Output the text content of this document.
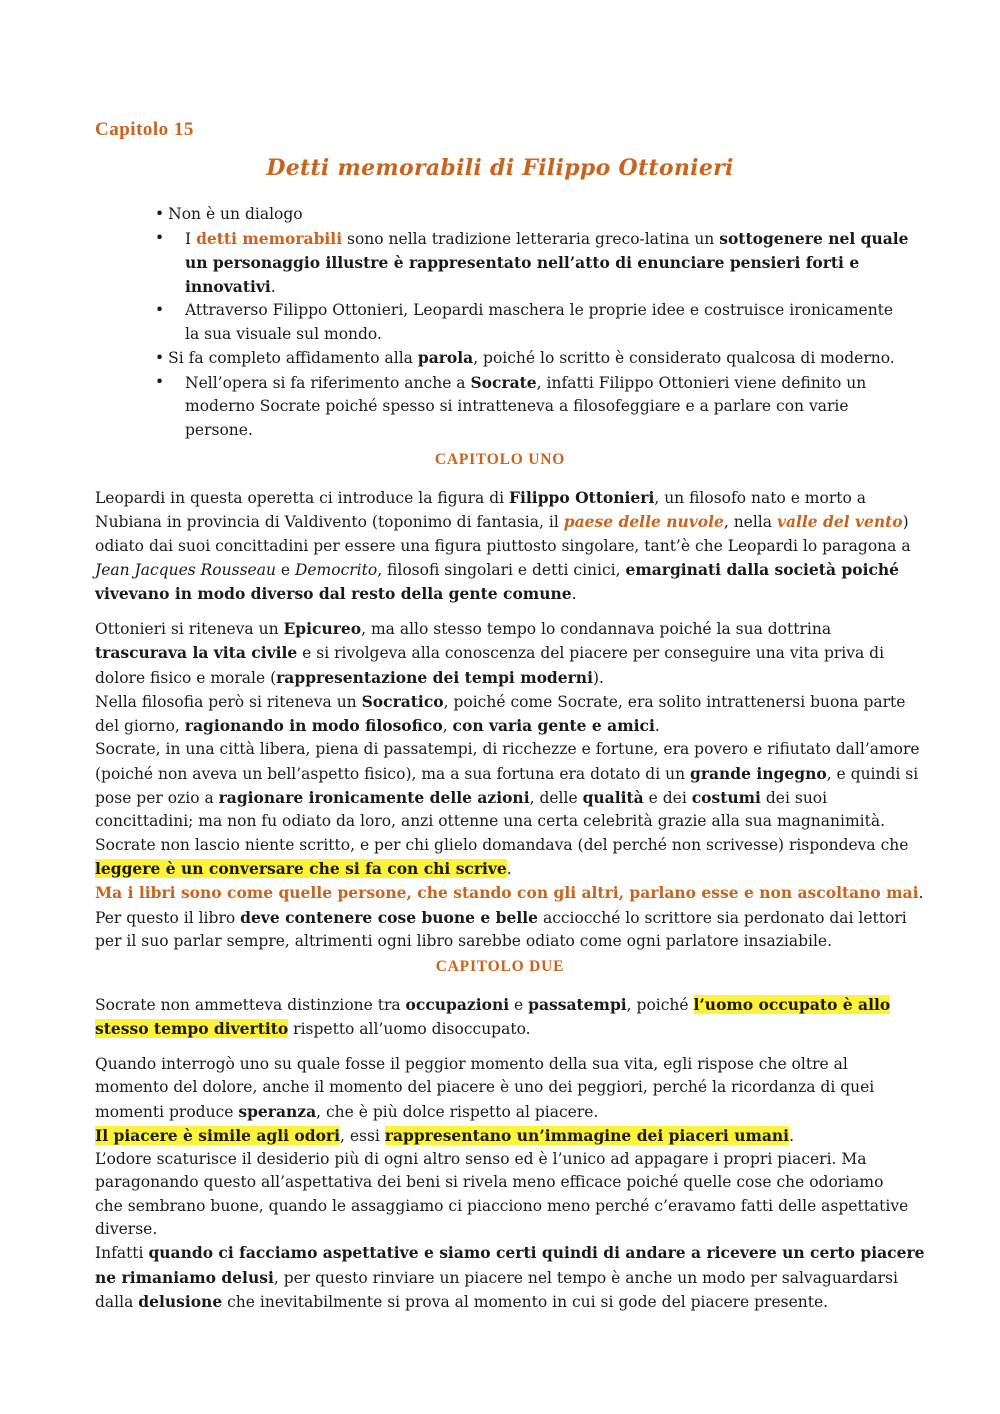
Capitolo 15
Detti memorabili di Filippo Ottonieri
• Non è un dialogo
• I detti memorabili sono nella tradizione letteraria greco-latina un sottogenere nel quale
un personaggio illustre è rappresentato nell’atto di enunciare pensieri forti e
innovativi.
• Attraverso Filippo Ottonieri, Leopardi maschera le proprie idee e costruisce ironicamente
la sua visuale sul mondo.
• Si fa completo affidamento alla parola, poiché lo scritto è considerato qualcosa di moderno.
• Nell’opera si fa riferimento anche a Socrate, infatti Filippo Ottonieri viene definito un
moderno Socrate poiché spesso si intratteneva a filosofeggiare e a parlare con varie
persone.
CAPITOLO UNO
Leopardi in questa operetta ci introduce la figura di Filippo Ottonieri, un filosofo nato e morto a
Nubiana in provincia di Valdivento (toponimo di fantasia, il paese delle nuvole, nella valle del vento)
odiato dai suoi concittadini per essere una figura piuttosto singolare, tant’è che Leopardi lo paragona a
Jean Jacques Rousseau e Democrito, filosofi singolari e detti cinici, emarginati dalla società poiché
vivevano in modo diverso dal resto della gente comune.
Ottonieri si riteneva un Epicureo, ma allo stesso tempo lo condannava poiché la sua dottrina
trascurava la vita civile e si rivolgeva alla conoscenza del piacere per conseguire una vita priva di
dolore fisico e morale (rappresentazione dei tempi moderni).
Nella filosofia però si riteneva un Socratico, poiché come Socrate, era solito intrattenersi buona parte
del giorno, ragionando in modo filosofico, con varia gente e amici.
Socrate, in una città libera, piena di passatempi, di ricchezze e fortune, era povero e rifiutato dall’amore
(poiché non aveva un bell’aspetto fisico), ma a sua fortuna era dotato di un grande ingegno, e quindi si
pose per ozio a ragionare ironicamente delle azioni, delle qualità e dei costumi dei suoi
concittadini; ma non fu odiato da loro, anzi ottenne una certa celebrità grazie alla sua magnanimità.
Socrate non lascio niente scritto, e per chi glielo domandava (del perché non scrivesse) rispondeva che
leggere è un conversare che si fa con chi scrive.
Ma i libri sono come quelle persone, che stando con gli altri, parlano esse e non ascoltano mai.
Per questo il libro deve contenere cose buone e belle acciocché lo scrittore sia perdonato dai lettori
per il suo parlar sempre, altrimenti ogni libro sarebbe odiato come ogni parlatore insaziabile.
CAPITOLO DUE
Socrate non ammetteva distinzione tra occupazioni e passatempi, poiché l’uomo occupato è allo
stesso tempo divertito rispetto all’uomo disoccupato.
Quando interrogò uno su quale fosse il peggior momento della sua vita, egli rispose che oltre al
momento del dolore, anche il momento del piacere è uno dei peggiori, perché la ricordanza di quei
momenti produce speranza, che è più dolce rispetto al piacere.
Il piacere è simile agli odori, essi rappresentano un’immagine dei piaceri umani.
L’odore scaturisce il desiderio più di ogni altro senso ed è l’unico ad appagare i propri piaceri. Ma
paragonando questo all’aspettativa dei beni si rivela meno efficace poiché quelle cose che odoriamo
che sembrano buone, quando le assaggiamo ci piacciono meno perché c’eravamo fatti delle aspettative
diverse.
Infatti quando ci facciamo aspettative e siamo certi quindi di andare a ricevere un certo piacere
ne rimaniamo delusi, per questo rinviare un piacere nel tempo è anche un modo per salvaguardarsi
dalla delusione che inevitabilmente si prova al momento in cui si gode del piacere presente.
